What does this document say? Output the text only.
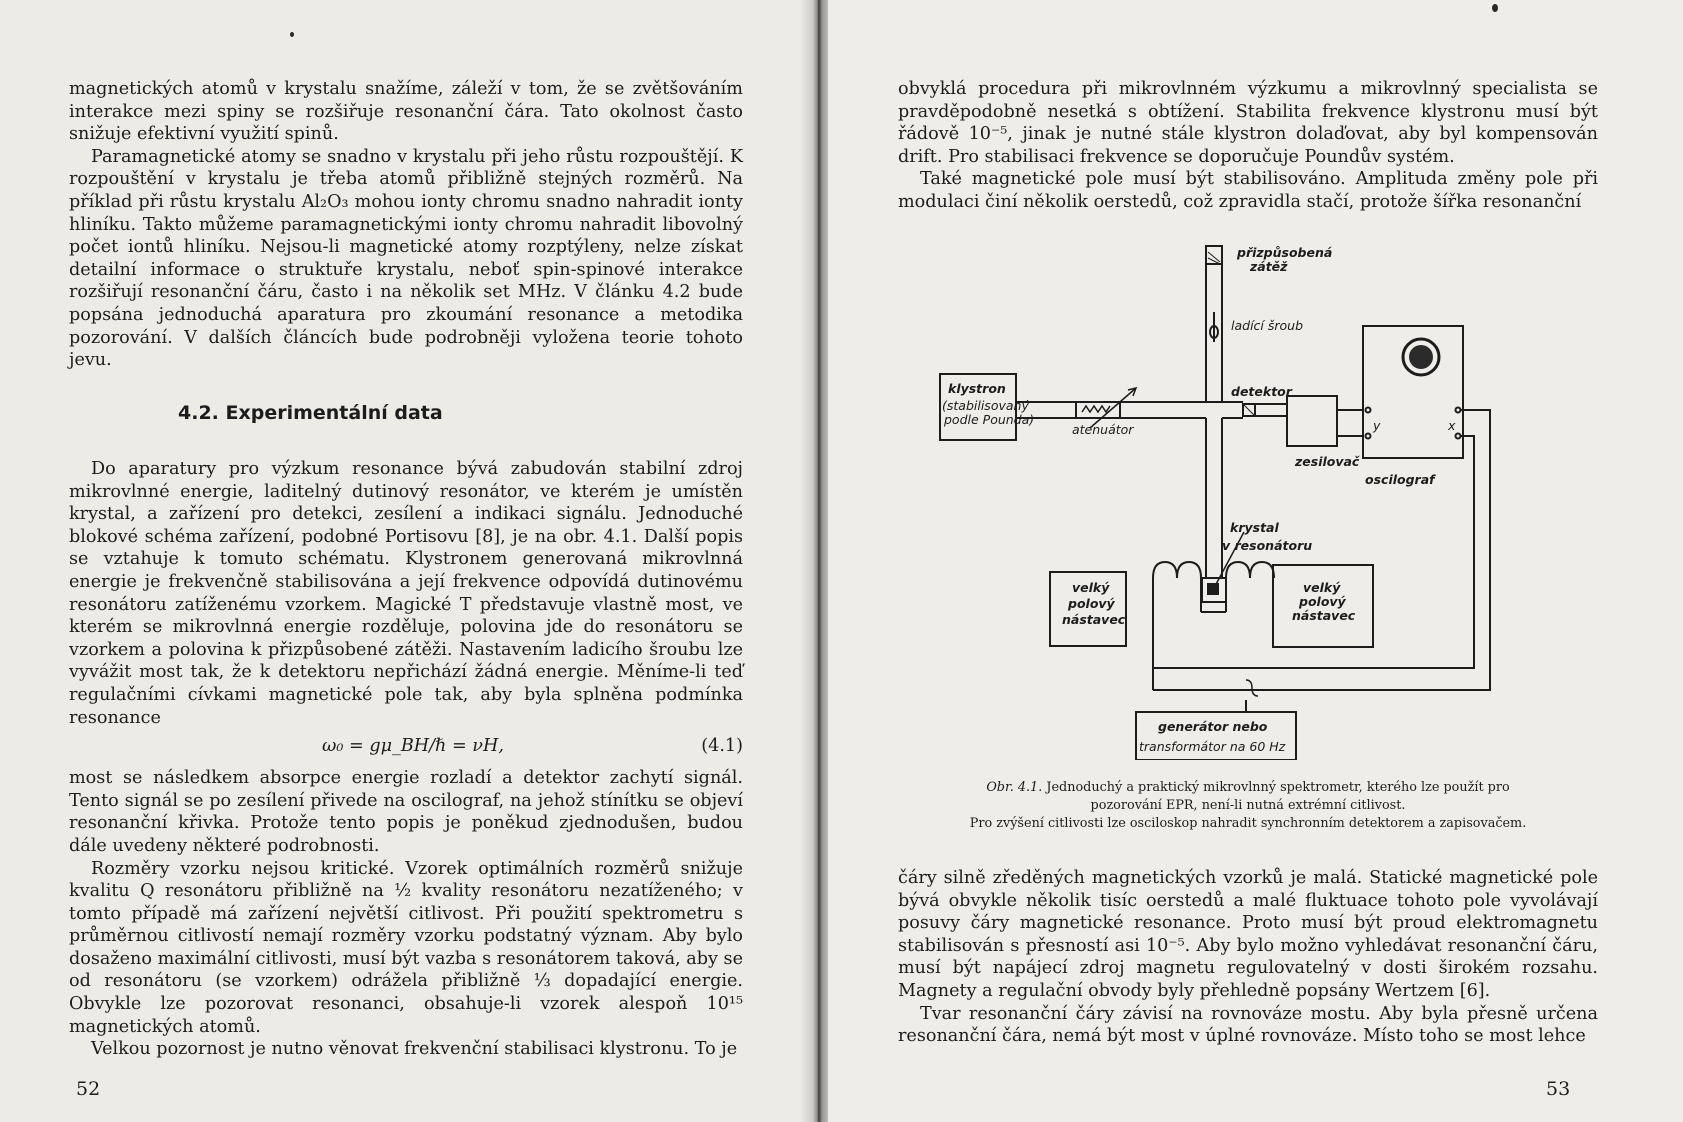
magnetických atomů v krystalu snažíme, záleží v tom, že se zvětšováním interakce mezi spiny se rozšiřuje resonanční čára. Tato okolnost často snižuje efektivní využití spinů.

Paramagnetické atomy se snadno v krystalu při jeho růstu rozpouštějí. K rozpouštění v krystalu je třeba atomů přibližně stejných rozměrů. Na příklad při růstu krystalu Al₂O₃ mohou ionty chromu snadno nahradit ionty hliníku. Takto můžeme paramagnetickými ionty chromu nahradit libovolný počet iontů hliníku. Nejsou-li magnetické atomy rozptýleny, nelze získat detailní informace o struktuře krystalu, neboť spin-spinové interakce rozšiřují resonanční čáru, často i na několik set MHz. V článku 4.2 bude popsána jednoduchá aparatura pro zkoumání resonance a metodika pozorování. V dalších článcích bude podrobněji vyložena teorie tohoto jevu.

4.2. Experimentální data

Do aparatury pro výzkum resonance bývá zabudován stabilní zdroj mikrovlnné energie, laditelný dutinový resonátor, ve kterém je umístěn krystal, a zařízení pro detekci, zesílení a indikaci signálu. Jednoduché blokové schéma zařízení, podobné Portisovu [8], je na obr. 4.1. Další popis se vztahuje k tomuto schématu. Klystronem generovaná mikrovlnná energie je frekvenčně stabilisována a její frekvence odpovídá dutinovému resonátoru zatíženému vzorkem. Magické T představuje vlastně most, ve kterém se mikrovlnná energie rozděluje, polovina jde do resonátoru se vzorkem a polovina k přizpůsobené zátěži. Nastavením ladicího šroubu lze vyvážit most tak, že k detektoru nepřichází žádná energie. Měníme-li teď regulačními cívkami magnetické pole tak, aby byla splněna podmínka resonance

ω₀ = gμ_BH/ℏ = νH,	(4.1)

most se následkem absorpce energie rozladí a detektor zachytí signál. Tento signál se po zesílení přivede na oscilograf, na jehož stínítku se objeví resonanční křivka. Protože tento popis je poněkud zjednodušen, budou dále uvedeny některé podrobnosti.

Rozměry vzorku nejsou kritické. Vzorek optimálních rozměrů snižuje kvalitu Q resonátoru přibližně na ½ kvality resonátoru nezatíženého; v tomto případě má zařízení největší citlivost. Při použití spektrometru s průměrnou citlivostí nemají rozměry vzorku podstatný význam. Aby bylo dosaženo maximální citlivosti, musí být vazba s resonátorem taková, aby se od resonátoru (se vzorkem) odrážela přibližně ⅓ dopadající energie. Obvykle lze pozorovat resonanci, obsahuje-li vzorek alespoň 10¹⁵ magnetických atomů.

Velkou pozornost je nutno věnovat frekvenční stabilisaci klystronu. To je

52

obvyklá procedura při mikrovlnném výzkumu a mikrovlnný specialista se pravděpodobně nesetká s obtížení. Stabilita frekvence klystronu musí být řádově 10⁻⁵, jinak je nutné stále klystron dolaďovat, aby byl kompensován drift. Pro stabilisaci frekvence se doporučuje Poundův systém.

Také magnetické pole musí být stabilisováno. Amplituda změny pole při modulaci činí několik oerstedů, což zpravidla stačí, protože šířka resonanční

přizpůsobená
zátěž
ladící šroub
klystron
(stabilisovaný
podle Pounda)
atenuátor
detektor
zesilovač
oscilograf
y	x
krystal
v resonátoru
velký
polový
nástavec
velký
polový
nástavec
generátor nebo
transformátor na 60 Hz
Obr. 4.1. Jednoduchý a praktický mikrovlnný spektrometr, kterého lze použít pro
pozorování EPR, není-li nutná extrémní citlivost.
Pro zvýšení citlivosti lze osciloskop nahradit synchronním detektorem a zapisovačem.

čáry silně zředěných magnetických vzorků je malá. Statické magnetické pole bývá obvykle několik tisíc oerstedů a malé fluktuace tohoto pole vyvolávají posuvy čáry magnetické resonance. Proto musí být proud elektromagnetu stabilisován s přesností asi 10⁻⁵. Aby bylo možno vyhledávat resonanční čáru, musí být napájecí zdroj magnetu regulovatelný v dosti širokém rozsahu. Magnety a regulační obvody byly přehledně popsány Wertzem [6].

Tvar resonanční čáry závisí na rovnováze mostu. Aby byla přesně určena resonanční čára, nemá být most v úplné rovnováze. Místo toho se most lehce

53
